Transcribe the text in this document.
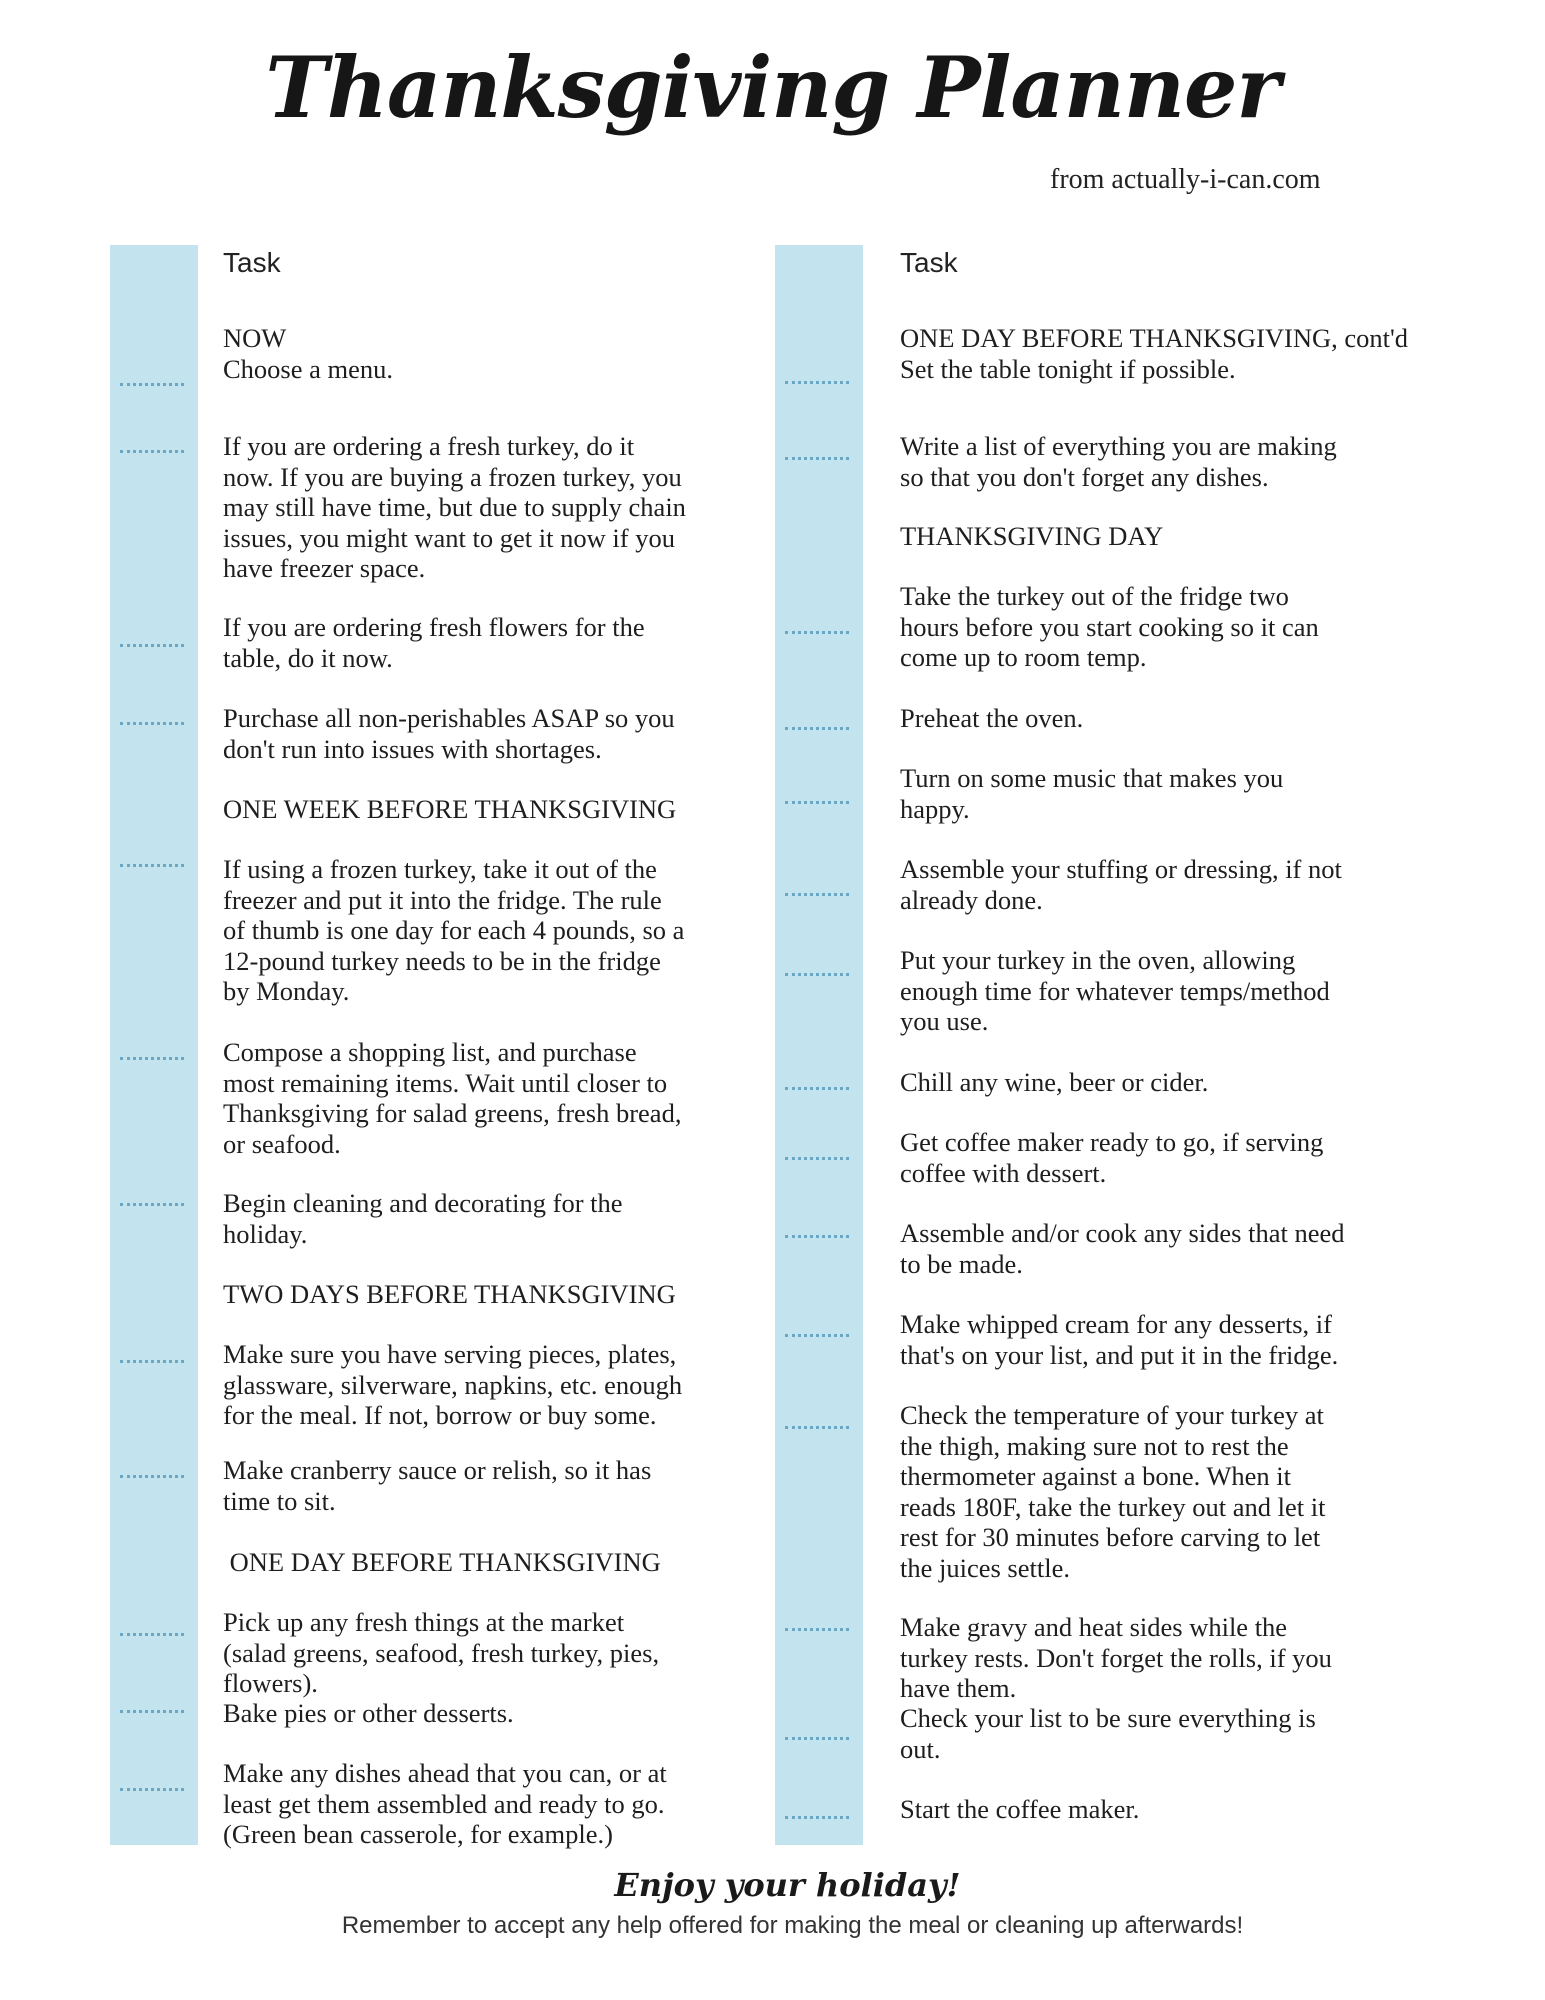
Thanksgiving Planner
from actually-i-can.com
Task
NOW
Choose a menu.
If you are ordering a fresh turkey, do it
now. If you are buying a frozen turkey, you
may still have time, but due to supply chain
issues, you might want to get it now if you
have freezer space.
If you are ordering fresh flowers for the
table, do it now.
Purchase all non-perishables ASAP so you
don't run into issues with shortages.
ONE WEEK BEFORE THANKSGIVING
If using a frozen turkey, take it out of the
freezer and put it into the fridge. The rule
of thumb is one day for each 4 pounds, so a
12-pound turkey needs to be in the fridge
by Monday.
Compose a shopping list, and purchase
most remaining items. Wait until closer to
Thanksgiving for salad greens, fresh bread,
or seafood.
Begin cleaning and decorating for the
holiday.
TWO DAYS BEFORE THANKSGIVING
Make sure you have serving pieces, plates,
glassware, silverware, napkins, etc. enough
for the meal. If not, borrow or buy some.
Make cranberry sauce or relish, so it has
time to sit.
ONE DAY BEFORE THANKSGIVING
Pick up any fresh things at the market
(salad greens, seafood, fresh turkey, pies,
flowers).
Bake pies or other desserts.
Make any dishes ahead that you can, or at
least get them assembled and ready to go.
(Green bean casserole, for example.)
Task
ONE DAY BEFORE THANKSGIVING, cont'd
Set the table tonight if possible.
Write a list of everything you are making
so that you don't forget any dishes.
THANKSGIVING DAY
Take the turkey out of the fridge two
hours before you start cooking so it can
come up to room temp.
Preheat the oven.
Turn on some music that makes you
happy.
Assemble your stuffing or dressing, if not
already done.
Put your turkey in the oven, allowing
enough time for whatever temps/method
you use.
Chill any wine, beer or cider.
Get coffee maker ready to go, if serving
coffee with dessert.
Assemble and/or cook any sides that need
to be made.
Make whipped cream for any desserts, if
that's on your list, and put it in the fridge.
Check the temperature of your turkey at
the thigh, making sure not to rest the
thermometer against a bone. When it
reads 180F, take the turkey out and let it
rest for 30 minutes before carving to let
the juices settle.
Make gravy and heat sides while the
turkey rests. Don't forget the rolls, if you
have them.
Check your list to be sure everything is
out.
Start the coffee maker.
Enjoy your holiday!
Remember to accept any help offered for making the meal or cleaning up afterwards!
